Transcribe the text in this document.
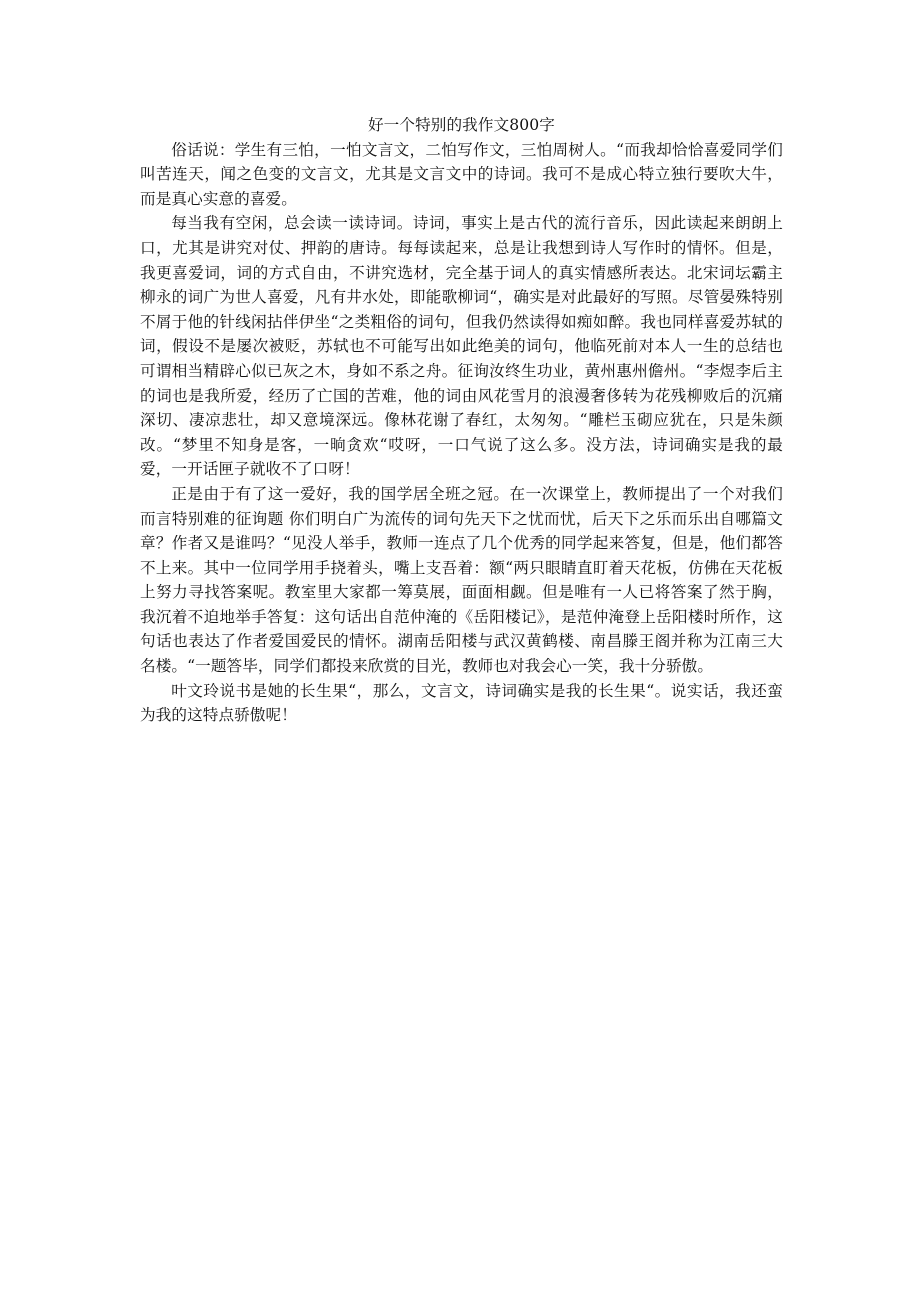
好一个特别的我作文800字

俗话说：学生有三怕，一怕文言文，二怕写作文，三怕周树人。“而我却恰恰喜爱同学们叫苦连天，闻之色变的文言文，尤其是文言文中的诗词。我可不是成心特立独行要吹大牛，而是真心实意的喜爱。

每当我有空闲，总会读一读诗词。诗词，事实上是古代的流行音乐，因此读起来朗朗上口，尤其是讲究对仗、押韵的唐诗。每每读起来，总是让我想到诗人写作时的情怀。但是，我更喜爱词，词的方式自由，不讲究选材，完全基于词人的真实情感所表达。北宋词坛霸主柳永的词广为世人喜爱，凡有井水处，即能歌柳词“，确实是对此最好的写照。尽管晏殊特别不屑于他的针线闲拈伴伊坐“之类粗俗的词句，但我仍然读得如痴如醉。我也同样喜爱苏轼的词，假设不是屡次被贬，苏轼也不可能写出如此绝美的词句，他临死前对本人一生的总结也可谓相当精辟心似已灰之木，身如不系之舟。征询汝终生功业，黄州惠州儋州。“李煜李后主的词也是我所爱，经历了亡国的苦难，他的词由风花雪月的浪漫奢侈转为花残柳败后的沉痛深切、凄凉悲壮，却又意境深远。像林花谢了春红，太匆匆。“雕栏玉砌应犹在，只是朱颜改。“梦里不知身是客，一晌贪欢“哎呀，一口气说了这么多。没方法，诗词确实是我的最爱，一开话匣子就收不了口呀！

正是由于有了这一爱好，我的国学居全班之冠。在一次课堂上，教师提出了一个对我们而言特别难的征询题 你们明白广为流传的词句先天下之忧而忧，后天下之乐而乐出自哪篇文章？作者又是谁吗？“见没人举手，教师一连点了几个优秀的同学起来答复，但是，他们都答不上来。其中一位同学用手挠着头，嘴上支吾着：额“两只眼睛直盯着天花板，仿佛在天花板上努力寻找答案呢。教室里大家都一筹莫展，面面相觑。但是唯有一人已将答案了然于胸，我沉着不迫地举手答复：这句话出自范仲淹的《岳阳楼记》，是范仲淹登上岳阳楼时所作，这句话也表达了作者爱国爱民的情怀。湖南岳阳楼与武汉黄鹤楼、南昌滕王阁并称为江南三大名楼。“一题答毕，同学们都投来欣赏的目光，教师也对我会心一笑，我十分骄傲。

叶文玲说书是她的长生果“，那么，文言文，诗词确实是我的长生果“。说实话，我还蛮为我的这特点骄傲呢！
